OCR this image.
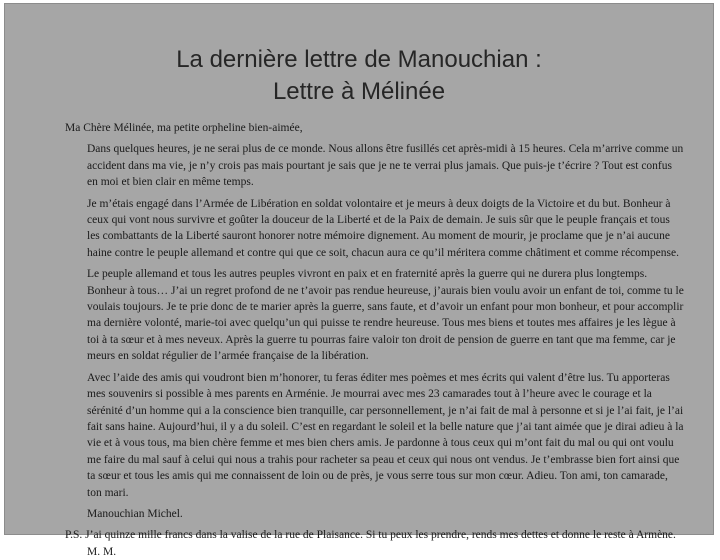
La dernière lettre de Manouchian :
Lettre à Mélinée

Ma Chère Mélinée, ma petite orpheline bien-aimée,

Dans quelques heures, je ne serai plus de ce monde. Nous allons être fusillés cet après-midi à 15 heures. Cela m’arrive comme un accident dans ma vie, je n’y crois pas mais pourtant je sais que je ne te verrai plus jamais. Que puis-je t’écrire ? Tout est confus en moi et bien clair en même temps.

Je m’étais engagé dans l’Armée de Libération en soldat volontaire et je meurs à deux doigts de la Victoire et du but. Bonheur à ceux qui vont nous survivre et goûter la douceur de la Liberté et de la Paix de demain. Je suis sûr que le peuple français et tous les combattants de la Liberté sauront honorer notre mémoire dignement. Au moment de mourir, je proclame que je n’ai aucune haine contre le peuple allemand et contre qui que ce soit, chacun aura ce qu’il méritera comme châtiment et comme récompense.

Le peuple allemand et tous les autres peuples vivront en paix et en fraternité après la guerre qui ne durera plus longtemps. Bonheur à tous… J’ai un regret profond de ne t’avoir pas rendue heureuse, j’aurais bien voulu avoir un enfant de toi, comme tu le voulais toujours. Je te prie donc de te marier après la guerre, sans faute, et d’avoir un enfant pour mon bonheur, et pour accomplir ma dernière volonté, marie-toi avec quelqu’un qui puisse te rendre heureuse. Tous mes biens et toutes mes affaires je les lègue à toi à ta sœur et à mes neveux. Après la guerre tu pourras faire valoir ton droit de pension de guerre en tant que ma femme, car je meurs en soldat régulier de l’armée française de la libération.

Avec l’aide des amis qui voudront bien m’honorer, tu feras éditer mes poèmes et mes écrits qui valent d’être lus. Tu apporteras mes souvenirs si possible à mes parents en Arménie. Je mourrai avec mes 23 camarades tout à l’heure avec le courage et la sérénité d’un homme qui a la conscience bien tranquille, car personnellement, je n’ai fait de mal à personne et si je l’ai fait, je l’ai fait sans haine. Aujourd’hui, il y a du soleil. C’est en regardant le soleil et la belle nature que j’ai tant aimée que je dirai adieu à la vie et à vous tous, ma bien chère femme et mes bien chers amis. Je pardonne à tous ceux qui m’ont fait du mal ou qui ont voulu me faire du mal sauf à celui qui nous a trahis pour racheter sa peau et ceux qui nous ont vendus. Je t’embrasse bien fort ainsi que ta sœur et tous les amis qui me connaissent de loin ou de près, je vous serre tous sur mon cœur. Adieu. Ton ami, ton camarade, ton mari.

Manouchian Michel.

P.S. J’ai quinze mille francs dans la valise de la rue de Plaisance. Si tu peux les prendre, rends mes dettes et donne le reste à Armène. M. M.
